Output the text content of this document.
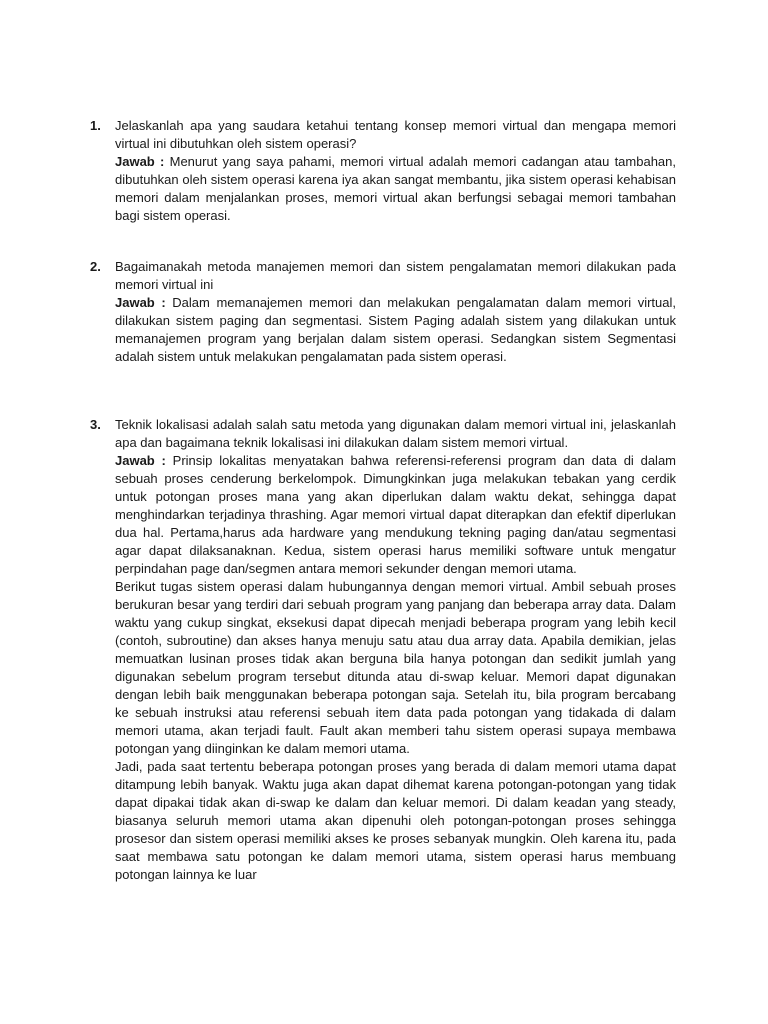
1. Jelaskanlah apa yang saudara ketahui tentang konsep memori virtual dan mengapa memori virtual ini dibutuhkan oleh sistem operasi?

Jawab : Menurut yang saya pahami, memori virtual adalah memori cadangan atau tambahan, dibutuhkan oleh sistem operasi karena iya akan sangat membantu, jika sistem operasi kehabisan memori dalam menjalankan proses, memori virtual akan berfungsi sebagai memori tambahan bagi sistem operasi.

2. Bagaimanakah metoda manajemen memori dan sistem pengalamatan memori dilakukan pada memori virtual ini

Jawab : Dalam memanajemen memori dan melakukan pengalamatan dalam memori virtual, dilakukan sistem paging dan segmentasi. Sistem Paging adalah sistem yang dilakukan untuk memanajemen program yang berjalan dalam sistem operasi. Sedangkan sistem Segmentasi adalah sistem untuk melakukan pengalamatan pada sistem operasi.

3. Teknik lokalisasi adalah salah satu metoda yang digunakan dalam memori virtual ini, jelaskanlah apa dan bagaimana teknik lokalisasi ini dilakukan dalam sistem memori virtual.

Jawab : Prinsip lokalitas menyatakan bahwa referensi-referensi program dan data di dalam sebuah proses cenderung berkelompok. Dimungkinkan juga melakukan tebakan yang cerdik untuk potongan proses mana yang akan diperlukan dalam waktu dekat, sehingga dapat menghindarkan terjadinya thrashing. Agar memori virtual dapat diterapkan dan efektif diperlukan dua hal. Pertama,harus ada hardware yang mendukung tekning paging dan/atau segmentasi agar dapat dilaksanaknan. Kedua, sistem operasi harus memiliki software untuk mengatur perpindahan page dan/segmen antara memori sekunder dengan memori utama.

Berikut tugas sistem operasi dalam hubungannya dengan memori virtual. Ambil sebuah proses berukuran besar yang terdiri dari sebuah program yang panjang dan beberapa array data. Dalam waktu yang cukup singkat, eksekusi dapat dipecah menjadi beberapa program yang lebih kecil (contoh, subroutine) dan akses hanya menuju satu atau dua array data. Apabila demikian, jelas memuatkan lusinan proses tidak akan berguna bila hanya potongan dan sedikit jumlah yang digunakan sebelum program tersebut ditunda atau di-swap keluar. Memori dapat digunakan dengan lebih baik menggunakan beberapa potongan saja. Setelah itu, bila program bercabang ke sebuah instruksi atau referensi sebuah item data pada potongan yang tidakada di dalam memori utama, akan terjadi fault. Fault akan memberi tahu sistem operasi supaya membawa potongan yang diinginkan ke dalam memori utama.

Jadi, pada saat tertentu beberapa potongan proses yang berada di dalam memori utama dapat ditampung lebih banyak. Waktu juga akan dapat dihemat karena potongan-potongan yang tidak dapat dipakai tidak akan di-swap ke dalam dan keluar memori. Di dalam keadan yang steady, biasanya seluruh memori utama akan dipenuhi oleh potongan-potongan proses sehingga prosesor dan sistem operasi memiliki akses ke proses sebanyak mungkin. Oleh karena itu, pada saat membawa satu potongan ke dalam memori utama, sistem operasi harus membuang potongan lainnya ke luar
